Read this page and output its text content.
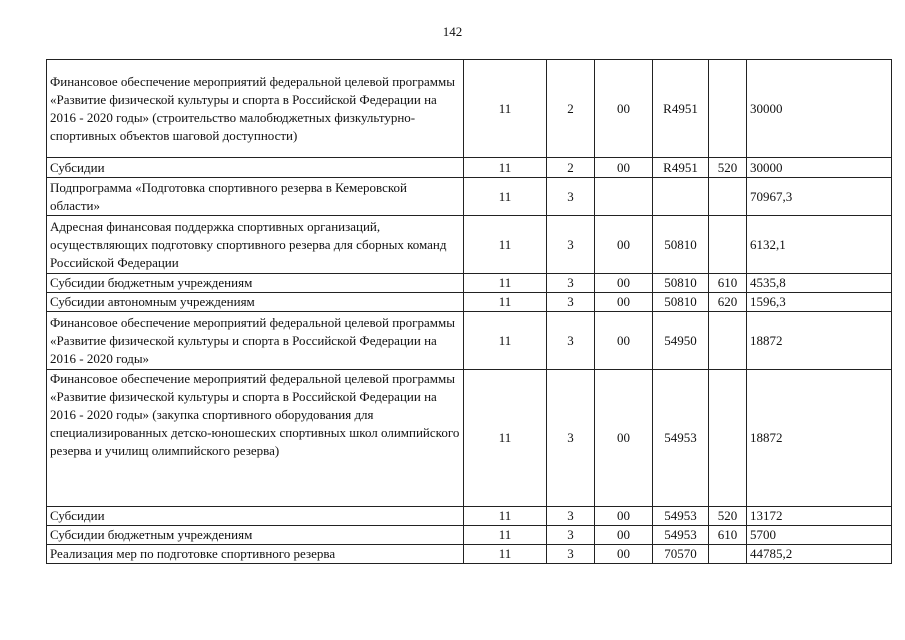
142
Финансовое обеспечение мероприятий федеральной целевой программы «Развитие физической культуры и спорта в Российской Федерации на 2016 - 2020 годы» (строительство малобюджетных физкультурно-спортивных объектов шаговой доступности)	11	2	00	R4951		30000
Субсидии	11	2	00	R4951	520	30000
Подпрограмма «Подготовка спортивного резерва в Кемеровской области»	11	3				70967,3
Адресная финансовая поддержка спортивных организаций, осуществляющих подготовку спортивного резерва для сборных команд Российской Федерации	11	3	00	50810		6132,1
Субсидии бюджетным учреждениям	11	3	00	50810	610	4535,8
Субсидии автономным учреждениям	11	3	00	50810	620	1596,3
Финансовое обеспечение мероприятий федеральной целевой программы «Развитие физической культуры и спорта в Российской Федерации на 2016 - 2020 годы»	11	3	00	54950		18872
Финансовое обеспечение мероприятий федеральной целевой программы «Развитие физической культуры и спорта в Российской Федерации на 2016 - 2020 годы» (закупка спортивного оборудования для специализированных детско-юношеских спортивных школ олимпийского резерва и училищ олимпийского резерва)	11	3	00	54953		18872
Субсидии	11	3	00	54953	520	13172
Субсидии бюджетным учреждениям	11	3	00	54953	610	5700
Реализация мер по подготовке спортивного резерва	11	3	00	70570		44785,2
